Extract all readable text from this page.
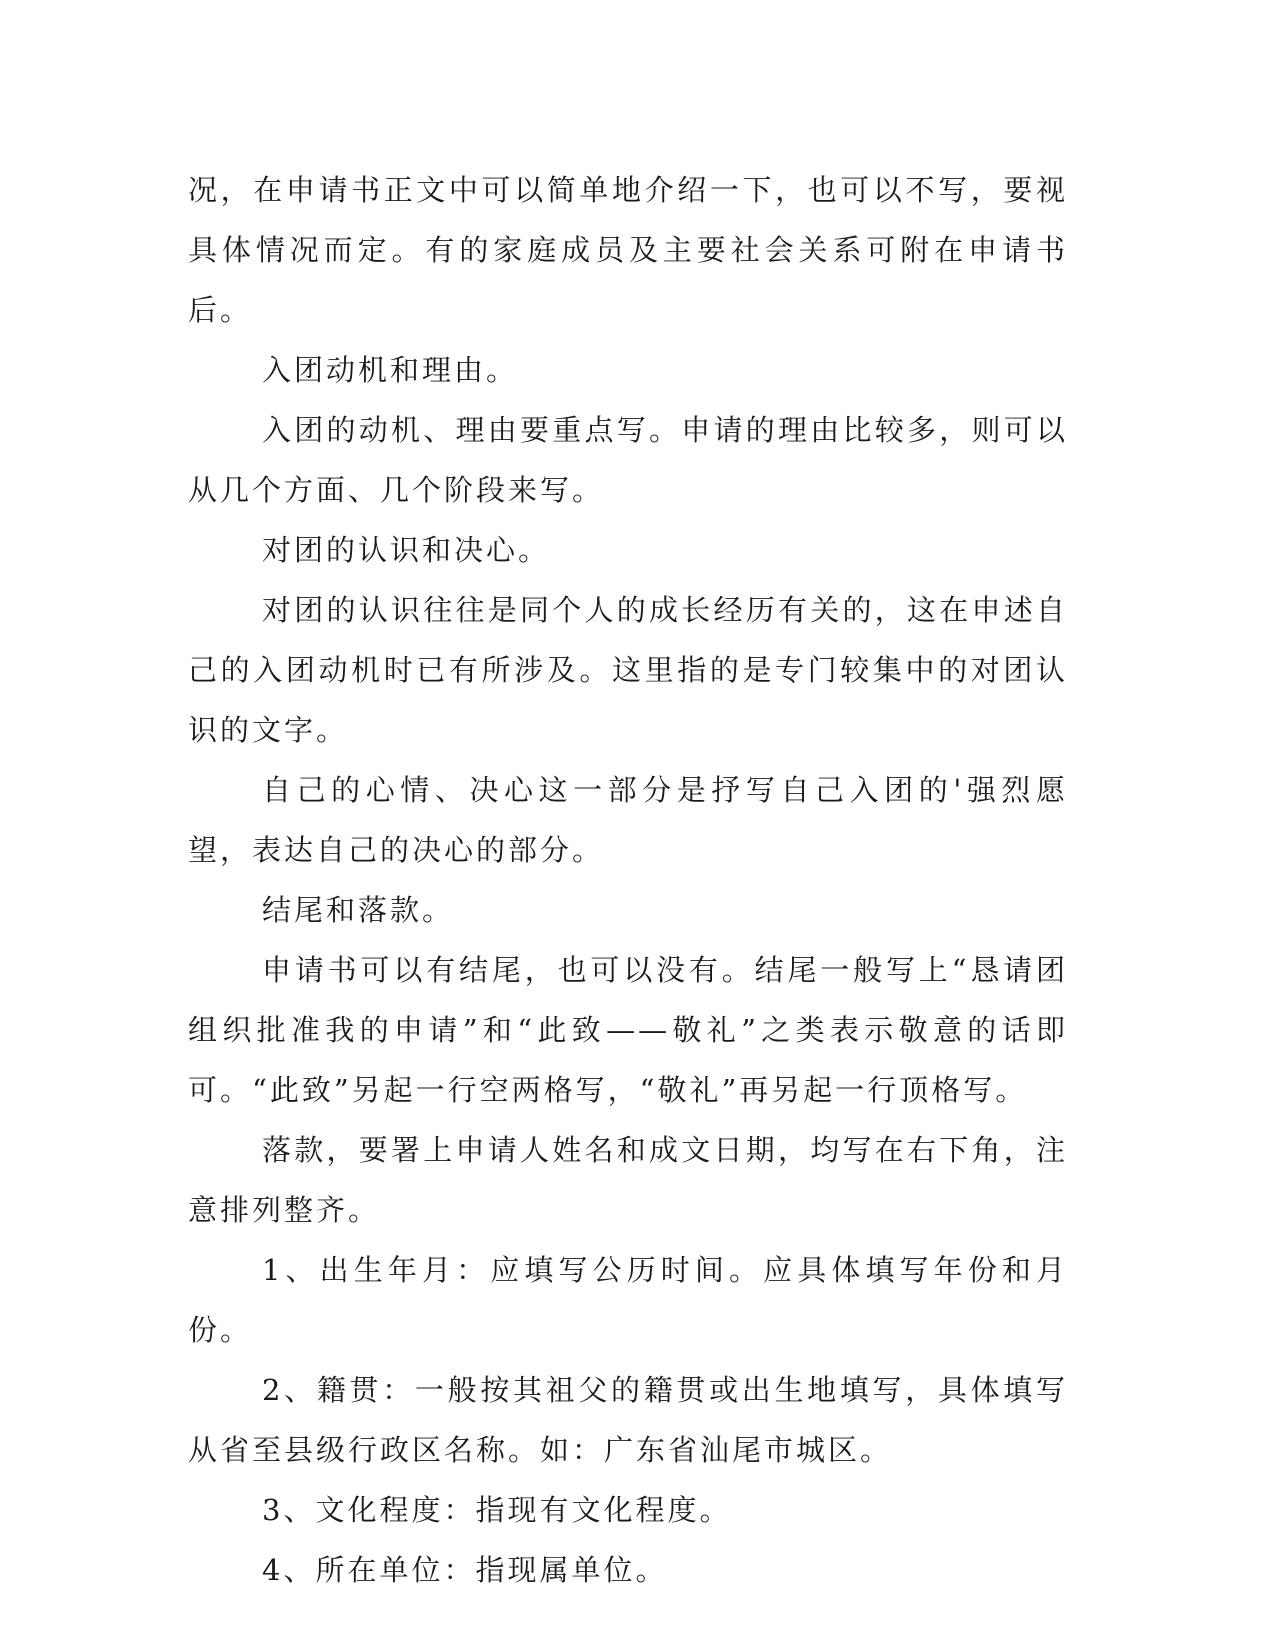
况，在申请书正文中可以简单地介绍一下，也可以不写，要视具体情况而定。有的家庭成员及主要社会关系可附在申请书后。

入团动机和理由。

入团的动机、理由要重点写。申请的理由比较多，则可以从几个方面、几个阶段来写。

对团的认识和决心。

对团的认识往往是同个人的成长经历有关的，这在申述自己的入团动机时已有所涉及。这里指的是专门较集中的对团认识的文字。

自己的心情、决心这一部分是抒写自己入团的'强烈愿望，表达自己的决心的部分。

结尾和落款。

申请书可以有结尾，也可以没有。结尾一般写上“恳请团组织批准我的申请”和“此致——敬礼”之类表示敬意的话即可。“此致”另起一行空两格写，“敬礼”再另起一行顶格写。

落款，要署上申请人姓名和成文日期，均写在右下角，注意排列整齐。

1、出生年月：应填写公历时间。应具体填写年份和月份。

2、籍贯：一般按其祖父的籍贯或出生地填写，具体填写从省至县级行政区名称。如：广东省汕尾市城区。

3、文化程度：指现有文化程度。

4、所在单位：指现属单位。
